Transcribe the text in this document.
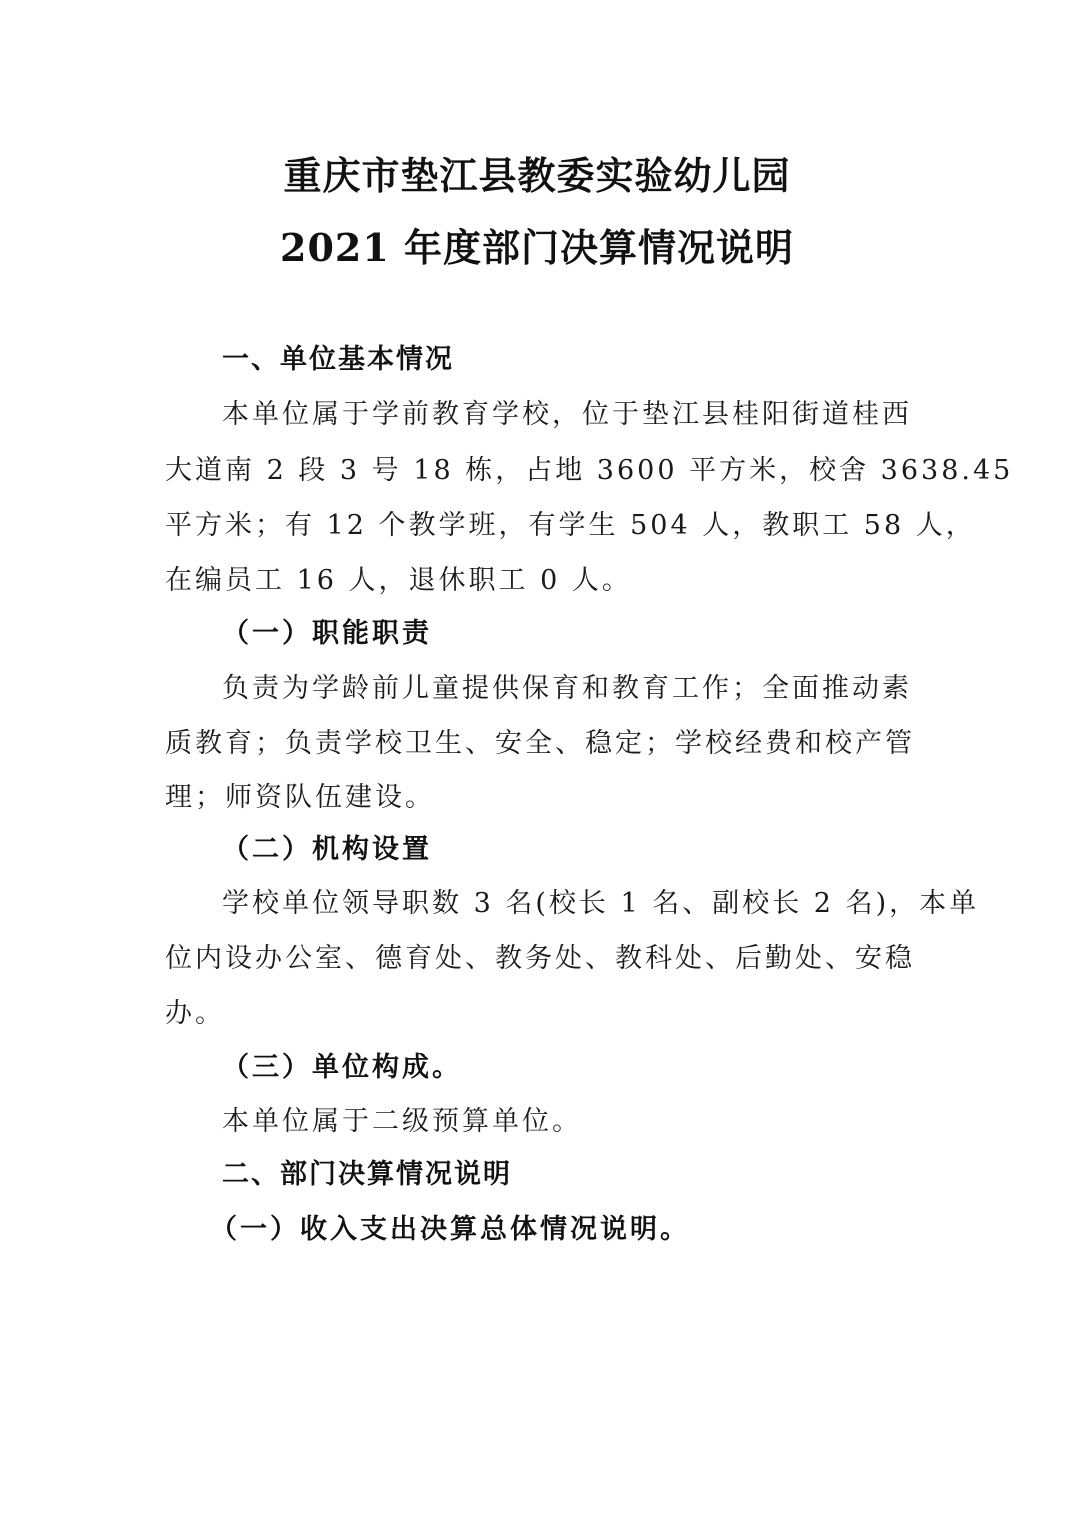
重庆市垫江县教委实验幼儿园
2021 年度部门决算情况说明
一、单位基本情况
本单位属于学前教育学校，位于垫江县桂阳街道桂西
大道南 2 段 3 号 18 栋，占地 3600 平方米，校舍 3638.45
平方米；有 12 个教学班，有学生 504 人，教职工 58 人，
在编员工 16 人，退休职工 0 人。
（一）职能职责
负责为学龄前儿童提供保育和教育工作；全面推动素
质教育；负责学校卫生、安全、稳定；学校经费和校产管
理；师资队伍建设。
（二）机构设置
学校单位领导职数 3 名(校长 1 名、副校长 2 名)，本单
位内设办公室、德育处、教务处、教科处、后勤处、安稳
办。
（三）单位构成。
本单位属于二级预算单位。
二、部门决算情况说明
（一）收入支出决算总体情况说明。
